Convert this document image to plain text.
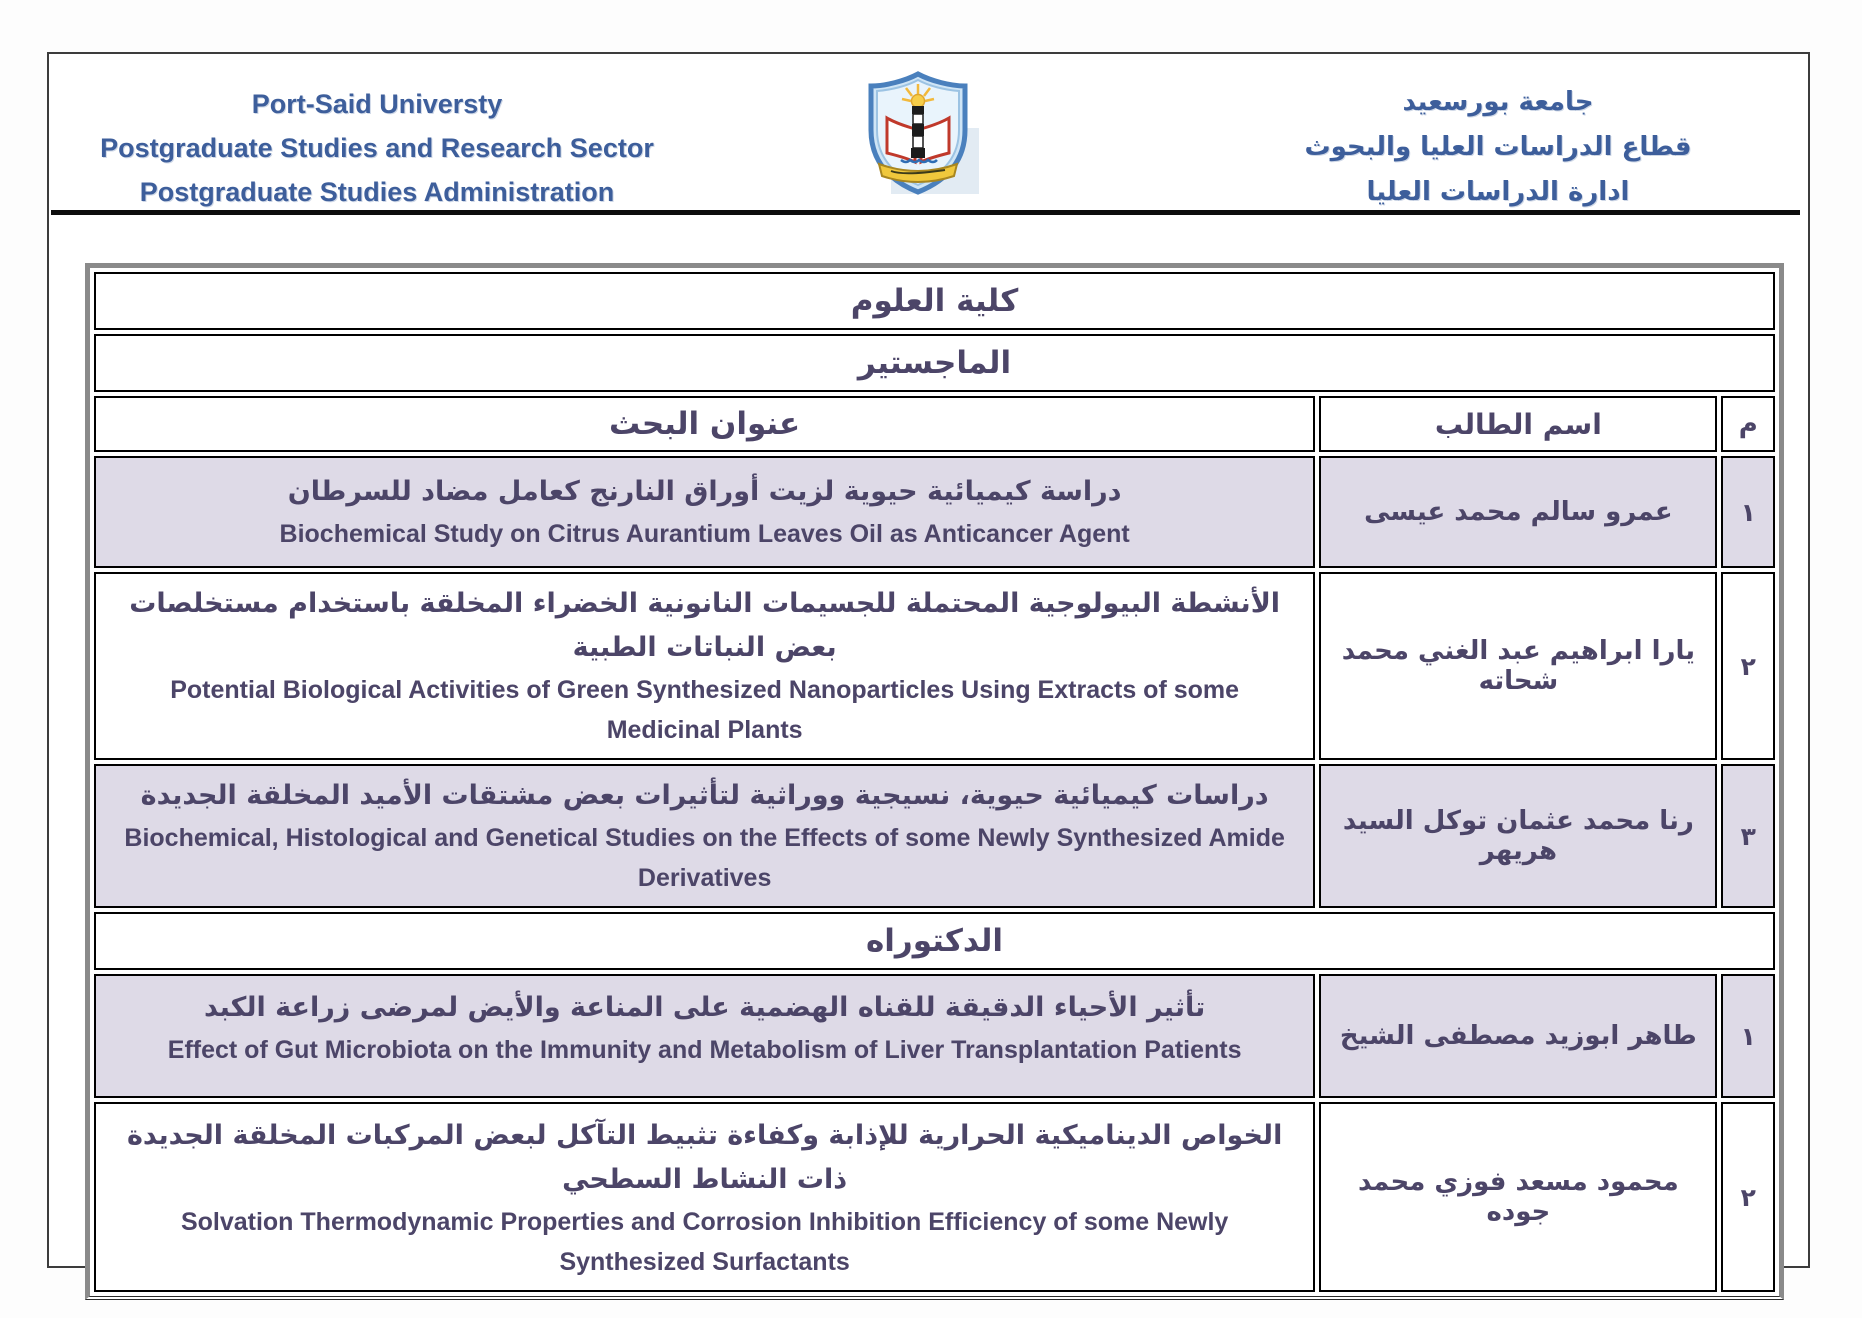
Port-Said Universty
Postgraduate Studies and Research Sector
Postgraduate Studies Administration
جامعة بورسعيد
قطاع الدراسات العليا والبحوث
ادارة الدراسات العليا
كلية العلوم		
الماجستير		
عنوان البحث	اسم الطالب	م

دراسة كيميائية حيوية لزيت أوراق النارنج كعامل مضاد للسرطان
Biochemical Study on Citrus Aurantium Leaves Oil as Anticancer Agent	عمرو سالم محمد عيسى	١

الأنشطة البيولوجية المحتملة للجسيمات النانونية الخضراء المخلقة باستخدام مستخلصات بعض النباتات الطبية
Potential Biological Activities of Green Synthesized Nanoparticles Using Extracts of some Medicinal Plants	يارا ابراهيم عبد الغني محمد شحاته	٢

دراسات كيميائية حيوية، نسيجية ووراثية لتأثيرات بعض مشتقات الأميد المخلقة الجديدة
Biochemical, Histological and Genetical Studies on the Effects of some Newly Synthesized Amide Derivatives	رنا محمد عثمان توكل السيد هريهر	٣
الدكتوراه		

تأثير الأحياء الدقيقة للقناه الهضمية على المناعة والأيض لمرضى زراعة الكبد
Effect of Gut Microbiota on the Immunity and Metabolism of Liver Transplantation Patients	طاهر ابوزيد مصطفى الشيخ	١

الخواص الديناميكية الحرارية للإذابة وكفاءة تثبيط التآكل لبعض المركبات المخلقة الجديدة ذات النشاط السطحي
Solvation Thermodynamic Properties and Corrosion Inhibition Efficiency of some Newly Synthesized Surfactants	محمود مسعد فوزي محمد جوده	٢
